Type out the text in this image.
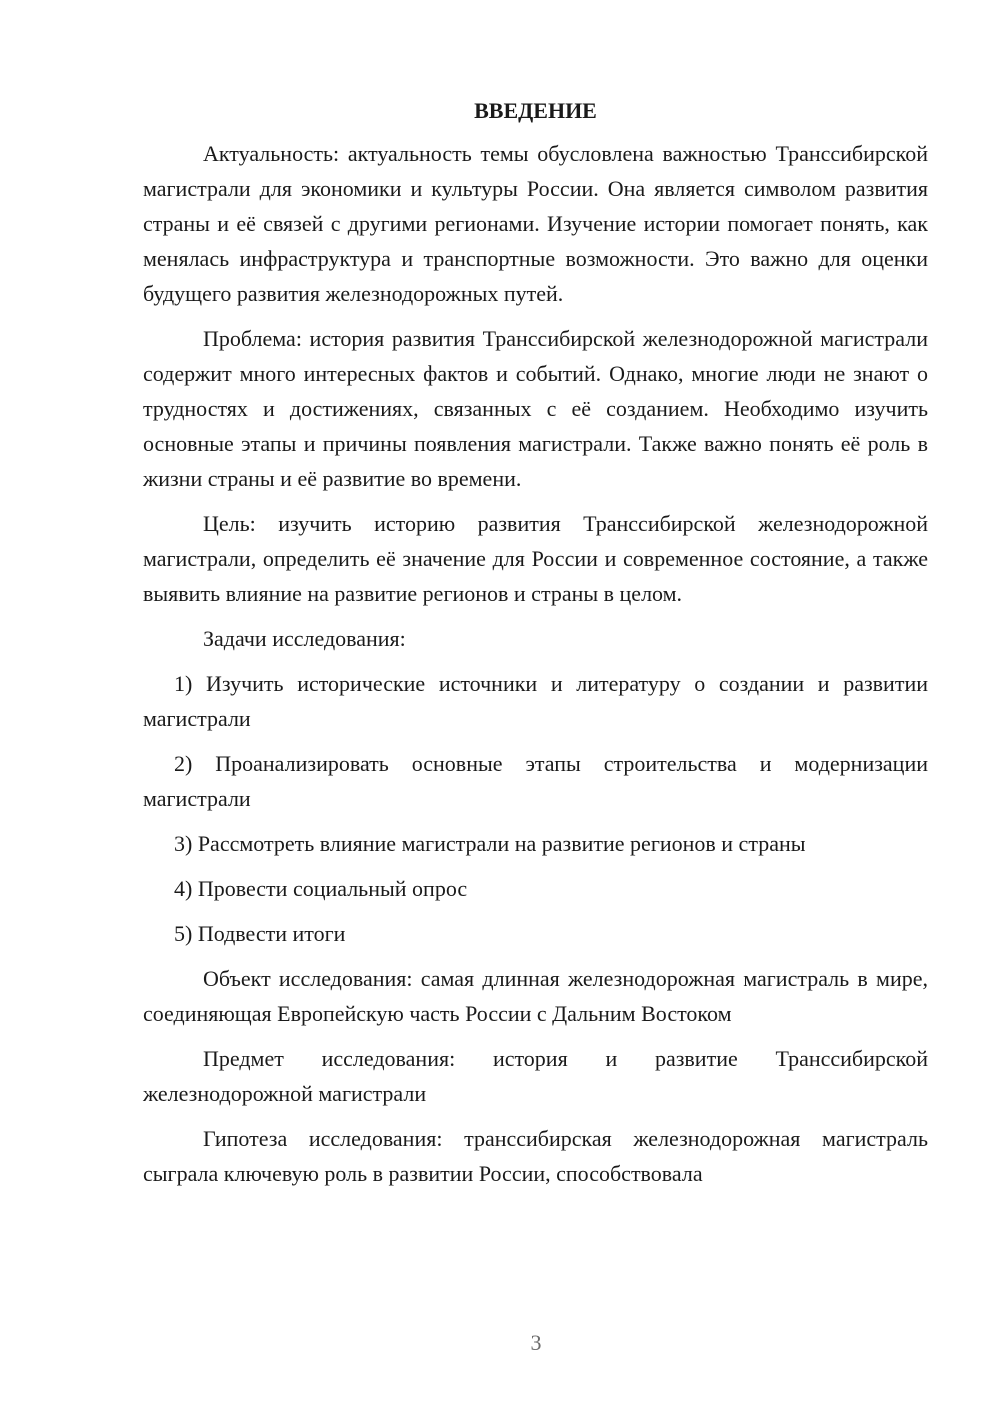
ВВЕДЕНИЕ

Актуальность: актуальность темы обусловлена важностью Транссибирской магистрали для экономики и культуры России. Она является символом развития страны и её связей с другими регионами. Изучение истории помогает понять, как менялась инфраструктура и транспортные возможности. Это важно для оценки будущего развития железнодорожных путей.

Проблема: история развития Транссибирской железнодорожной магистрали содержит много интересных фактов и событий. Однако, многие люди не знают о трудностях и достижениях, связанных с её созданием. Необходимо изучить основные этапы и причины появления магистрали. Также важно понять её роль в жизни страны и её развитие во времени.

Цель: изучить историю развития Транссибирской железнодорожной магистрали, определить её значение для России и современное состояние, а также выявить влияние на развитие регионов и страны в целом.

Задачи исследования:

1) Изучить исторические источники и литературу о создании и развитии магистрали

2) Проанализировать основные этапы строительства и модернизации магистрали

3) Рассмотреть влияние магистрали на развитие регионов и страны

4) Провести социальный опрос

5) Подвести итоги

Объект исследования: самая длинная железнодорожная магистраль в мире, соединяющая Европейскую часть России с Дальним Востоком

Предмет исследования: история и развитие Транссибирской железнодорожной магистрали

Гипотеза исследования: транссибирская железнодорожная магистраль сыграла ключевую роль в развитии России, способствовала

3
